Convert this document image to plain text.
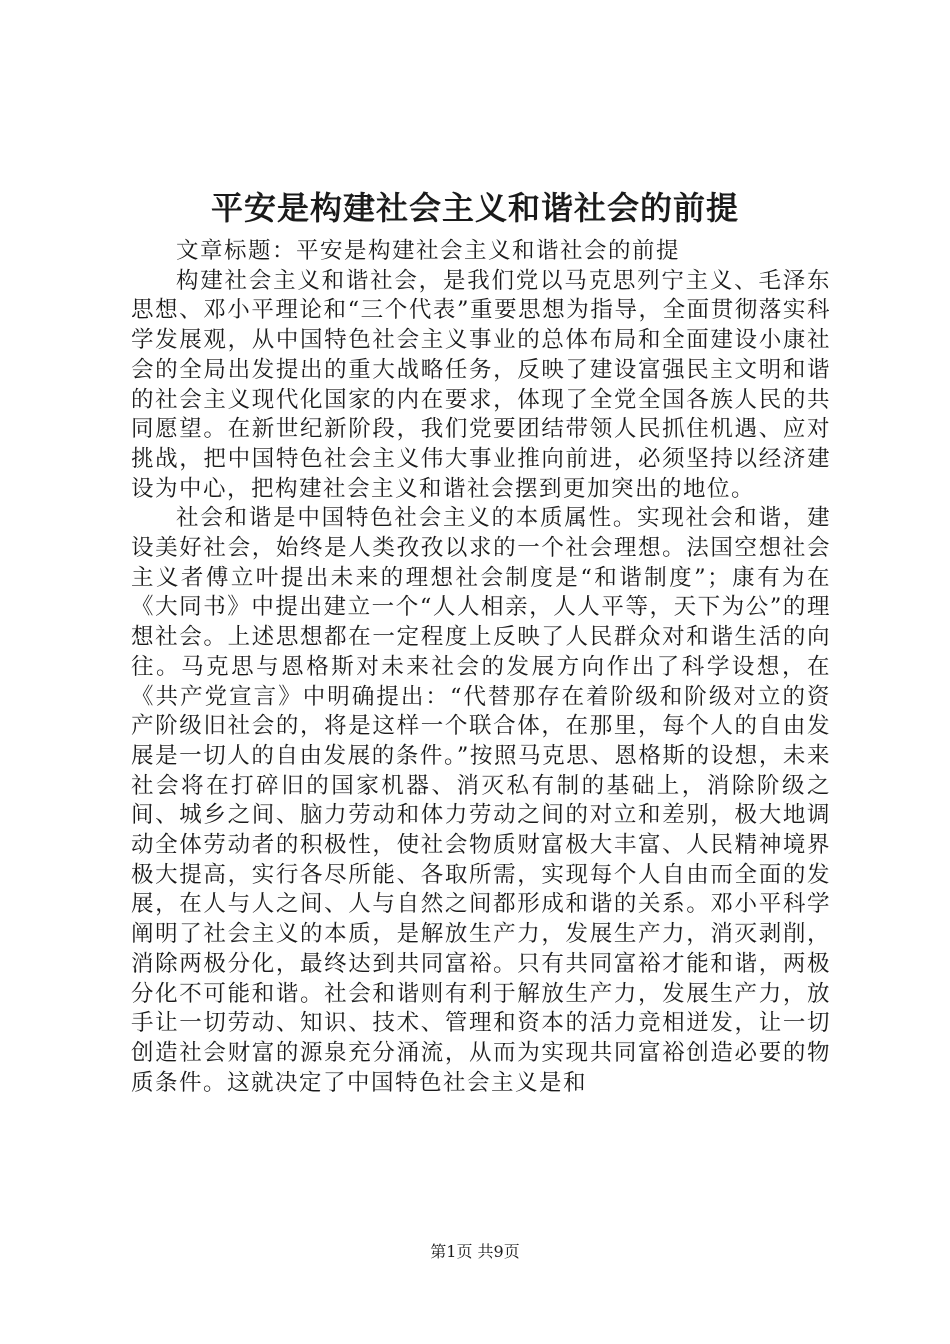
平安是构建社会主义和谐社会的前提

文章标题：平安是构建社会主义和谐社会的前提

构建社会主义和谐社会，是我们党以马克思列宁主义、毛泽东思想、邓小平理论和“三个代表”重要思想为指导，全面贯彻落实科学发展观，从中国特色社会主义事业的总体布局和全面建设小康社会的全局出发提出的重大战略任务，反映了建设富强民主文明和谐的社会主义现代化国家的内在要求，体现了全党全国各族人民的共同愿望。在新世纪新阶段，我们党要团结带领人民抓住机遇、应对挑战，把中国特色社会主义伟大事业推向前进，必须坚持以经济建设为中心，把构建社会主义和谐社会摆到更加突出的地位。

社会和谐是中国特色社会主义的本质属性。实现社会和谐，建设美好社会，始终是人类孜孜以求的一个社会理想。法国空想社会主义者傅立叶提出未来的理想社会制度是“和谐制度”；康有为在《大同书》中提出建立一个“人人相亲，人人平等，天下为公”的理想社会。上述思想都在一定程度上反映了人民群众对和谐生活的向往。马克思与恩格斯对未来社会的发展方向作出了科学设想，在《共产党宣言》中明确提出：“代替那存在着阶级和阶级对立的资产阶级旧社会的，将是这样一个联合体，在那里，每个人的自由发展是一切人的自由发展的条件。”按照马克思、恩格斯的设想，未来社会将在打碎旧的国家机器、消灭私有制的基础上，消除阶级之间、城乡之间、脑力劳动和体力劳动之间的对立和差别，极大地调动全体劳动者的积极性，使社会物质财富极大丰富、人民精神境界极大提高，实行各尽所能、各取所需，实现每个人自由而全面的发展，在人与人之间、人与自然之间都形成和谐的关系。邓小平科学阐明了社会主义的本质，是解放生产力，发展生产力，消灭剥削，消除两极分化，最终达到共同富裕。只有共同富裕才能和谐，两极分化不可能和谐。社会和谐则有利于解放生产力，发展生产力，放手让一切劳动、知识、技术、管理和资本的活力竞相迸发，让一切创造社会财富的源泉充分涌流，从而为实现共同富裕创造必要的物质条件。这就决定了中国特色社会主义是和

第1页 共9页
